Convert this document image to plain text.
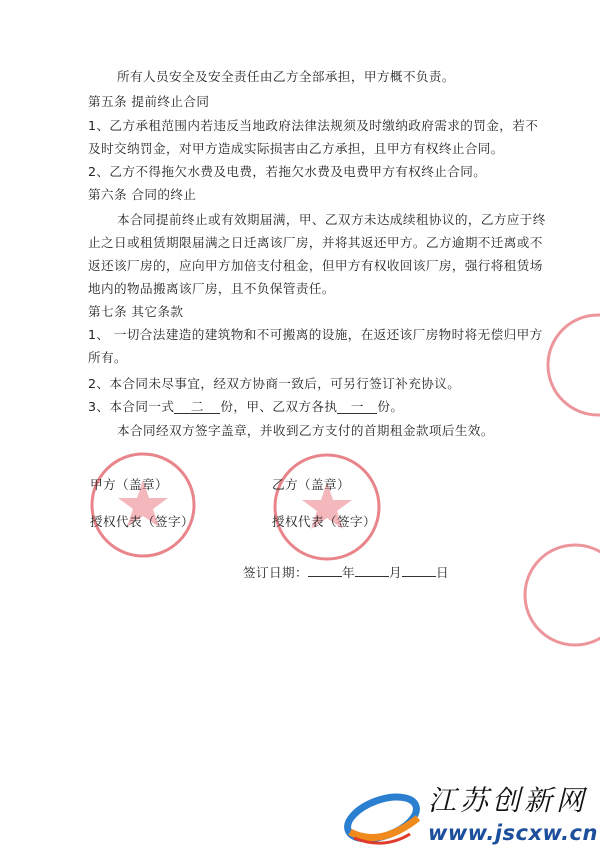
所有人员安全及安全责任由乙方全部承担，甲方概不负责。
第五条 提前终止合同
1、乙方承租范围内若违反当地政府法律法规须及时缴纳政府需求的罚金，若不
及时交纳罚金，对甲方造成实际损害由乙方承担，且甲方有权终止合同。
2、乙方不得拖欠水费及电费，若拖欠水费及电费甲方有权终止合同。
第六条 合同的终止
本合同提前终止或有效期届满，甲、乙双方未达成续租协议的，乙方应于终
止之日或租赁期限届满之日迁离该厂房，并将其返还甲方。乙方逾期不迁离或不
返还该厂房的，应向甲方加倍支付租金，但甲方有权收回该厂房，强行将租赁场
地内的物品搬离该厂房，且不负保管责任。
第七条 其它条款
1、 一切合法建造的建筑物和不可搬离的设施，在返还该厂房物时将无偿归甲方
所有。
2、本合同未尽事宜，经双方协商一致后，可另行签订补充协议。
3、本合同一式 二 份，甲、乙双方各执 一 份。
本合同经双方签字盖章，并收到乙方支付的首期租金款项后生效。
甲方（盖章）
授权代表（签字）
乙方（盖章）
授权代表（签字）
签订日期：	年	月	日
江苏创新网
www.jscxw.cn
